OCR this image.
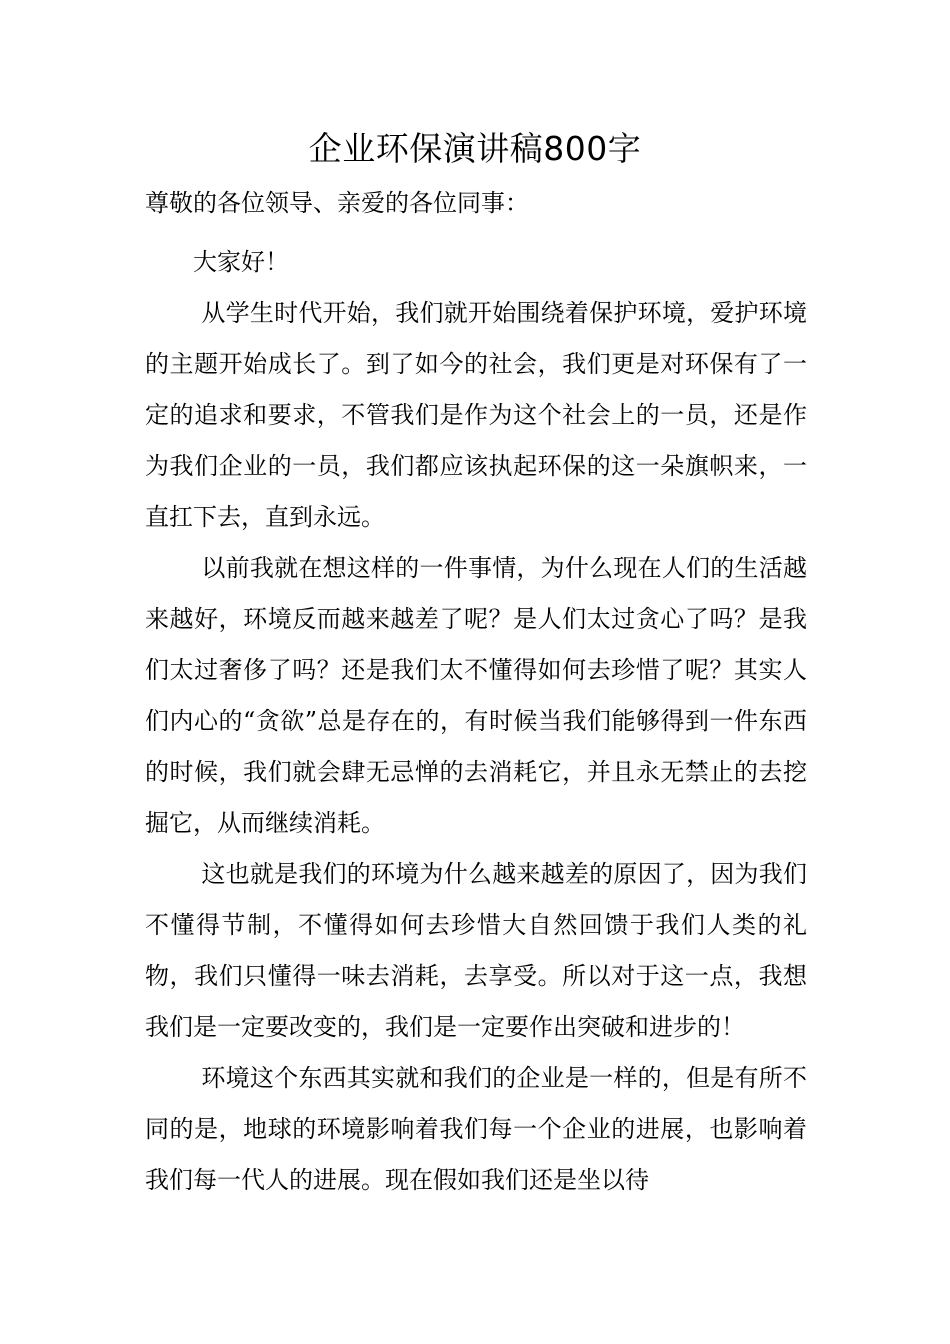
企业环保演讲稿800字

尊敬的各位领导、亲爱的各位同事：

大家好！

从学生时代开始，我们就开始围绕着保护环境，爱护环境的主题开始成长了。到了如今的社会，我们更是对环保有了一定的追求和要求，不管我们是作为这个社会上的一员，还是作为我们企业的一员，我们都应该执起环保的这一朵旗帜来，一直扛下去，直到永远。

以前我就在想这样的一件事情，为什么现在人们的生活越来越好，环境反而越来越差了呢？是人们太过贪心了吗？是我们太过奢侈了吗？还是我们太不懂得如何去珍惜了呢？其实人们内心的“贪欲”总是存在的，有时候当我们能够得到一件东西的时候，我们就会肆无忌惮的去消耗它，并且永无禁止的去挖掘它，从而继续消耗。

这也就是我们的环境为什么越来越差的原因了，因为我们不懂得节制，不懂得如何去珍惜大自然回馈于我们人类的礼物，我们只懂得一味去消耗，去享受。所以对于这一点，我想我们是一定要改变的，我们是一定要作出突破和进步的！

环境这个东西其实就和我们的企业是一样的，但是有所不同的是，地球的环境影响着我们每一个企业的进展，也影响着我们每一代人的进展。现在假如我们还是坐以待
